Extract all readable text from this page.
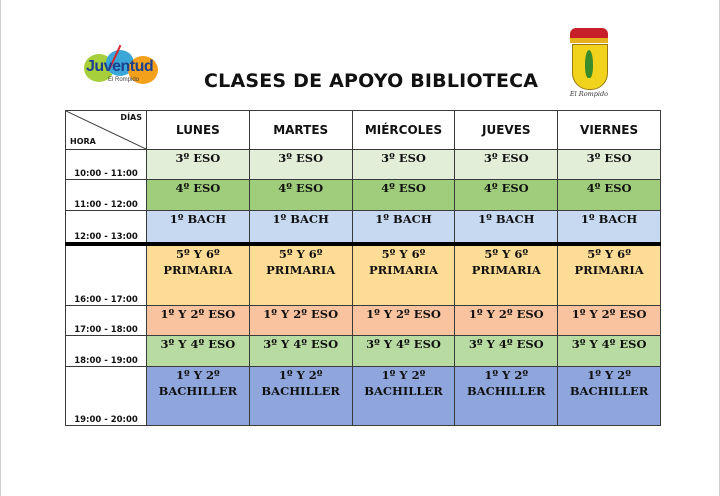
Juventud
El Rompido	CLASES DE APOYO BIBLIOTECA
El Rompido
DÍAS
HORA	LUNES	MARTES	MIÉRCOLES	JUEVES	VIERNES
10:00 - 11:00	3º ESO	3º ESO	3º ESO	3º ESO	3º ESO

11:00 - 12:00	4º ESO	4º ESO	4º ESO	4º ESO	4º ESO

12:00 - 13:00	1º BACH	1º BACH	1º BACH	1º BACH	1º BACH

16:00 - 17:00	5º Y 6º
PRIMARIA	5º Y 6º
PRIMARIA	5º Y 6º
PRIMARIA	5º Y 6º
PRIMARIA	5º Y 6º
PRIMARIA

17:00 - 18:00	1º Y 2º ESO	1º Y 2º ESO	1º Y 2º ESO	1º Y 2º ESO	1º Y 2º ESO

18:00 - 19:00	3º Y 4º ESO	3º Y 4º ESO	3º Y 4º ESO	3º Y 4º ESO	3º Y 4º ESO

19:00 - 20:00	1º Y 2º
BACHILLER	1º Y 2º
BACHILLER	1º Y 2º
BACHILLER	1º Y 2º
BACHILLER	1º Y 2º
BACHILLER
